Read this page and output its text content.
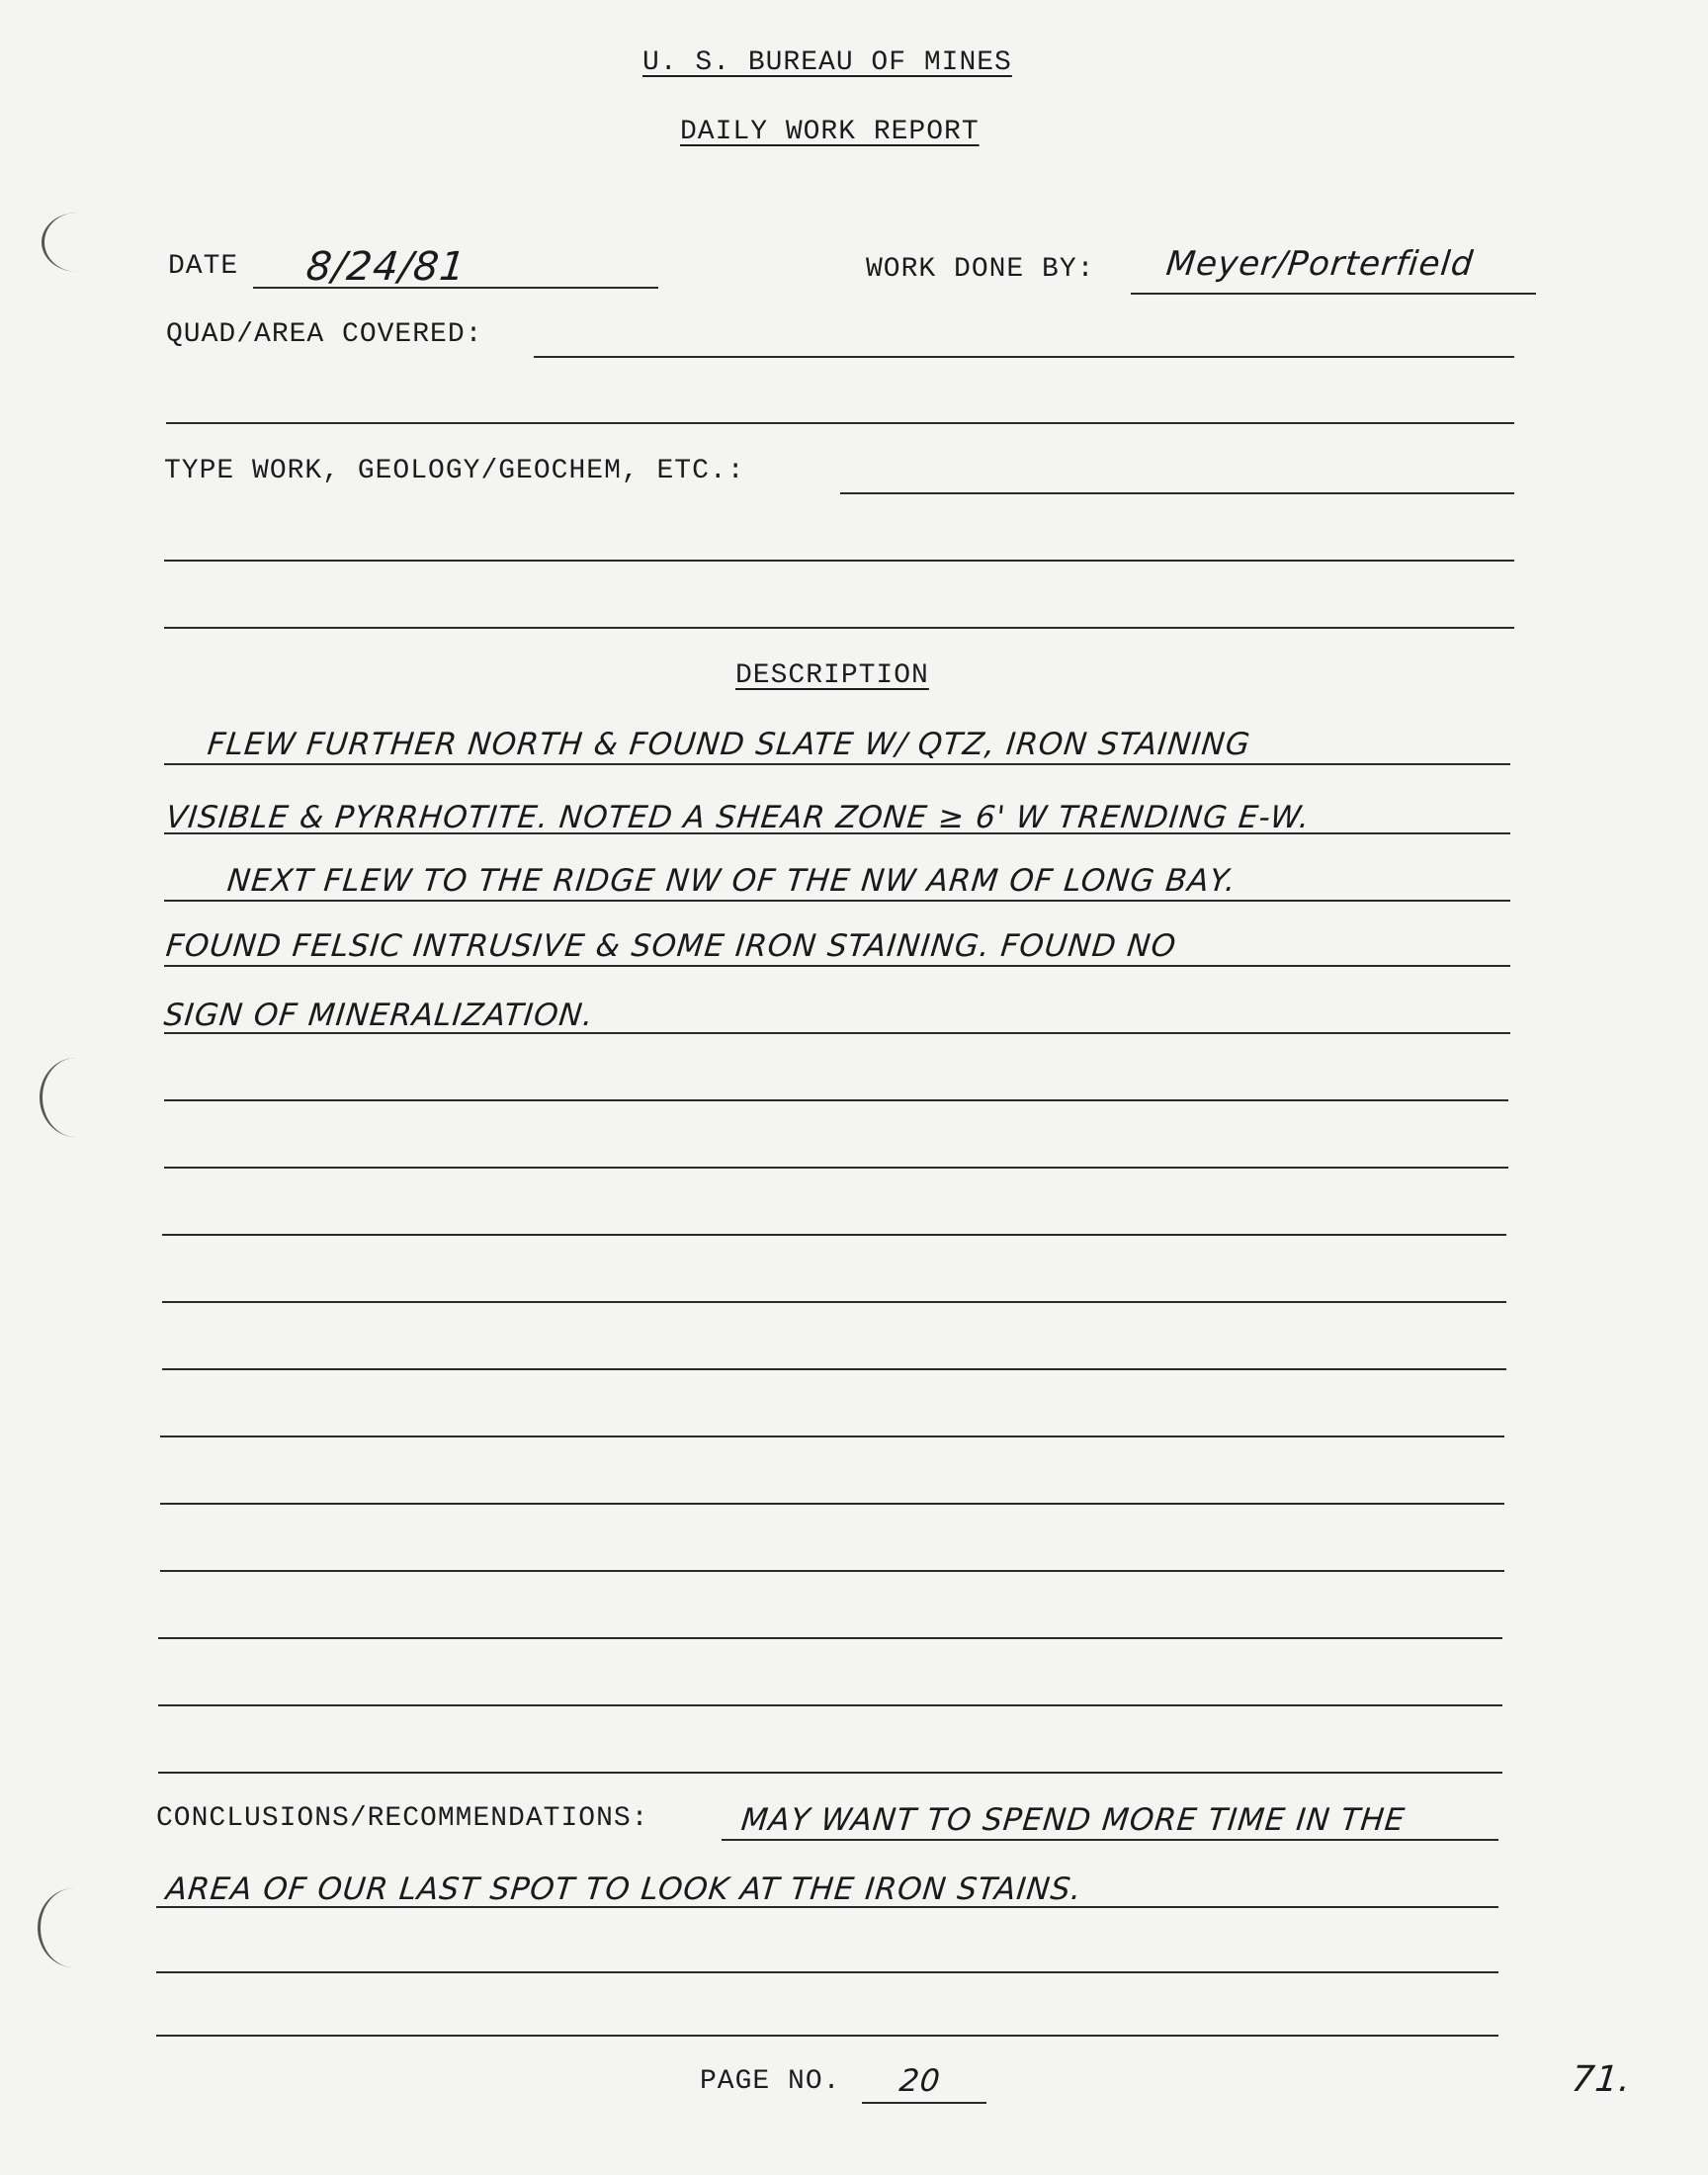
U. S. BUREAU OF MINES
DAILY WORK REPORT
DATE 8/24/81	WORK DONE BY: Meyer/Porterfield
QUAD/AREA COVERED:
TYPE WORK, GEOLOGY/GEOCHEM, ETC.:
DESCRIPTION
FLEW FURTHER NORTH & FOUND SLATE W/ QTZ, IRON STAINING
VISIBLE & PYRRHOTITE. NOTED A SHEAR ZONE ≥ 6' W TRENDING E-W.
NEXT FLEW TO THE RIDGE NW OF THE NW ARM OF LONG BAY.
FOUND FELSIC INTRUSIVE & SOME IRON STAINING. FOUND NO
SIGN OF MINERALIZATION.
CONCLUSIONS/RECOMMENDATIONS:	MAY WANT TO SPEND MORE TIME IN THE
AREA OF OUR LAST SPOT TO LOOK AT THE IRON STAINS.
PAGE NO. 20	71.
